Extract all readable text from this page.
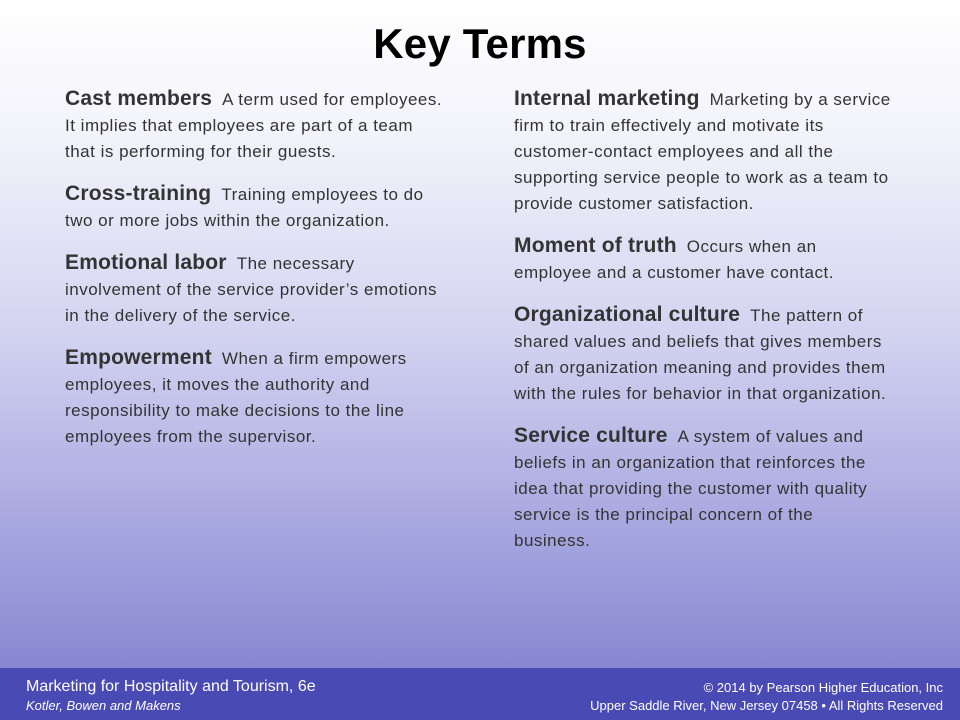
Key Terms

Cast members A term used for employees. It implies that employees are part of a team that is performing for their guests.

Cross-training Training employees to do two or more jobs within the organization.

Emotional labor The necessary involvement of the service provider’s emotions in the delivery of the service.

Empowerment When a firm empowers employees, it moves the authority and responsibility to make decisions to the line employees from the supervisor.

Internal marketing Marketing by a service firm to train effectively and motivate its customer-contact employees and all the supporting service people to work as a team to provide customer satisfaction.

Moment of truth Occurs when an employee and a customer have contact.

Organizational culture The pattern of shared values and beliefs that gives members of an organization meaning and provides them with the rules for behavior in that organization.

Service culture A system of values and beliefs in an organization that reinforces the idea that providing the customer with quality service is the principal concern of the business.

Marketing for Hospitality and Tourism, 6e
Kotler, Bowen and Makens
© 2014 by Pearson Higher Education, Inc
Upper Saddle River, New Jersey 07458 • All Rights Reserved
